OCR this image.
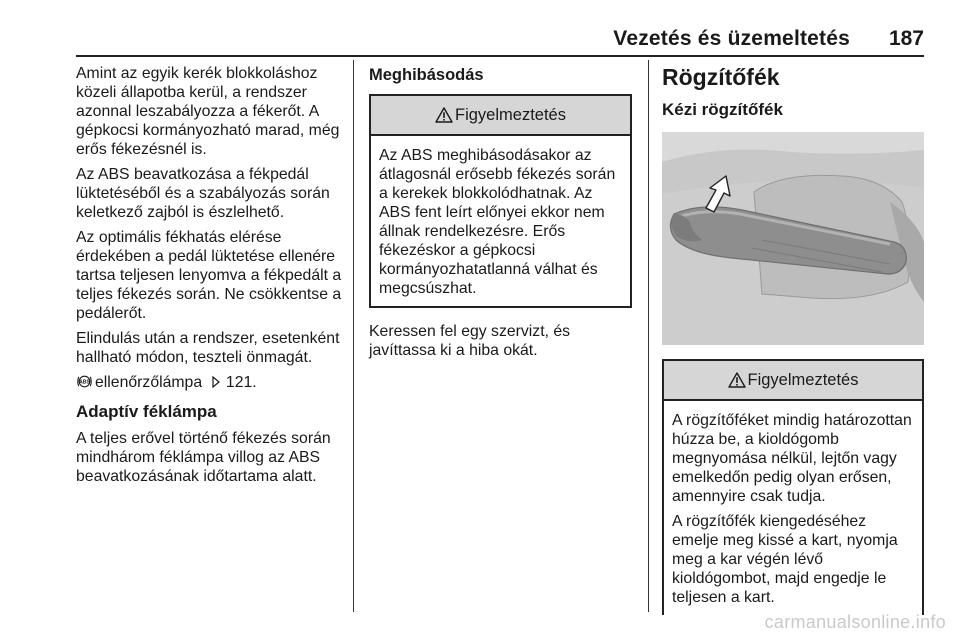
Vezetés és üzemeltetés	187

Amint az egyik kerék blokkoláshoz közeli állapotba kerül, a rendszer azonnal leszabályozza a fékerőt. A gépkocsi kormányozható marad, még erős fékezésnél is.

Az ABS beavatkozása a fékpedál lüktetéséből és a szabályozás során keletkező zajból is észlelhető.

Az optimális fékhatás elérése érdekében a pedál lüktetése ellenére tartsa teljesen lenyomva a fékpedált a teljes fékezés során. Ne csökkentse a pedálerőt.

Elindulás után a rendszer, esetenként hallható módon, teszteli önmagát.

ABS ellenőrzőlámpa 121.

Adaptív féklámpa

A teljes erővel történő fékezés során mindhárom féklámpa villog az ABS beavatkozásának időtartama alatt.

Meghibásodás
Figyelmeztetés

Az ABS meghibásodásakor az átlagosnál erősebb fékezés során a kerekek blokkolódhatnak. Az ABS fent leírt előnyei ekkor nem állnak rendelkezésre. Erős fékezéskor a gépkocsi kormányozhatatlanná válhat és megcsúszhat.

Keressen fel egy szervizt, és javíttassa ki a hiba okát.

Rögzítőfék
Kézi rögzítőfék
Figyelmeztetés

A rögzítőféket mindig határozottan húzza be, a kioldógomb megnyomása nélkül, lejtőn vagy emelkedőn pedig olyan erősen, amennyire csak tudja.

A rögzítőfék kiengedéséhez emelje meg kissé a kart, nyomja meg a kar végén lévő kioldógombot, majd engedje le teljesen a kart.

carmanualsonline.info
